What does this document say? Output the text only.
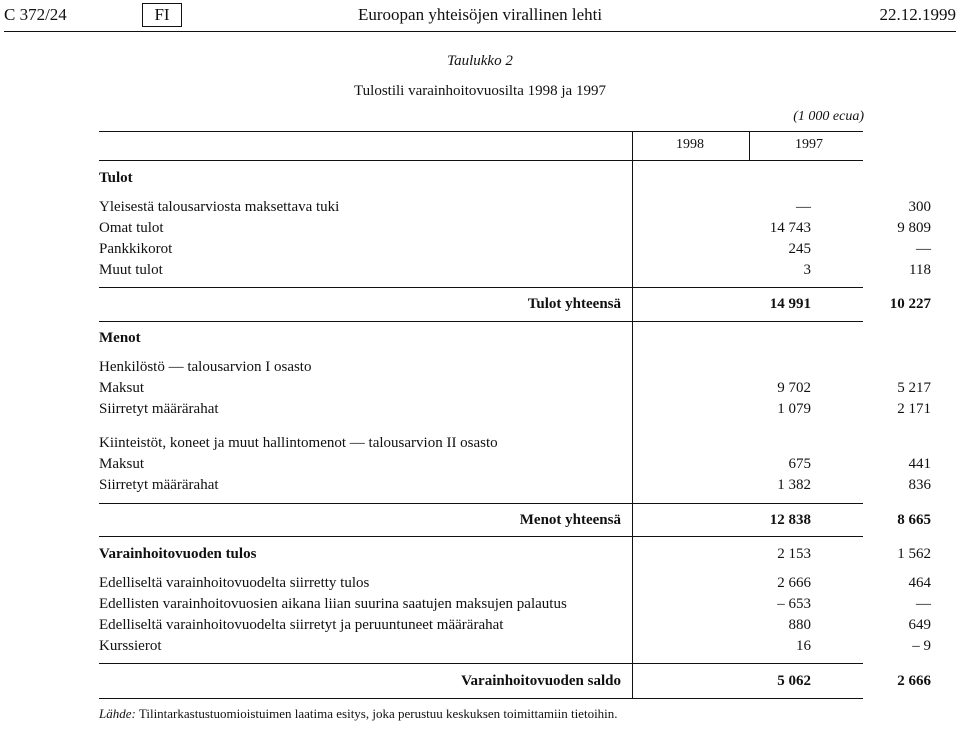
C 372/24	FI	Euroopan yhteisöjen virallinen lehti	22.12.1999
Taulukko 2
Tulostili varainhoitovuosilta 1998 ja 1997
(1 000 ecua)
1998	1997
Tulot
Yleisestä talousarviosta maksettava tuki	—	300
Omat tulot	14 743	9 809
Pankkikorot	245	—
Muut tulot	3	118
Tulot yhteensä	14 991	10 227
Menot
Henkilöstö — talousarvion I osasto
Maksut	9 702	5 217
Siirretyt määrärahat	1 079	2 171
Kiinteistöt, koneet ja muut hallintomenot — talousarvion II osasto
Maksut	675	441
Siirretyt määrärahat	1 382	836
Menot yhteensä	12 838	8 665
Varainhoitovuoden tulos	2 153	1 562
Edelliseltä varainhoitovuodelta siirretty tulos	2 666	464
Edellisten varainhoitovuosien aikana liian suurina saatujen maksujen palautus	– 653	—
Edelliseltä varainhoitovuodelta siirretyt ja peruuntuneet määrärahat	880	649
Kurssierot	16	– 9
Varainhoitovuoden saldo	5 062	2 666
Lähde: Tilintarkastustuomioistuimen laatima esitys, joka perustuu keskuksen toimittamiin tietoihin.
